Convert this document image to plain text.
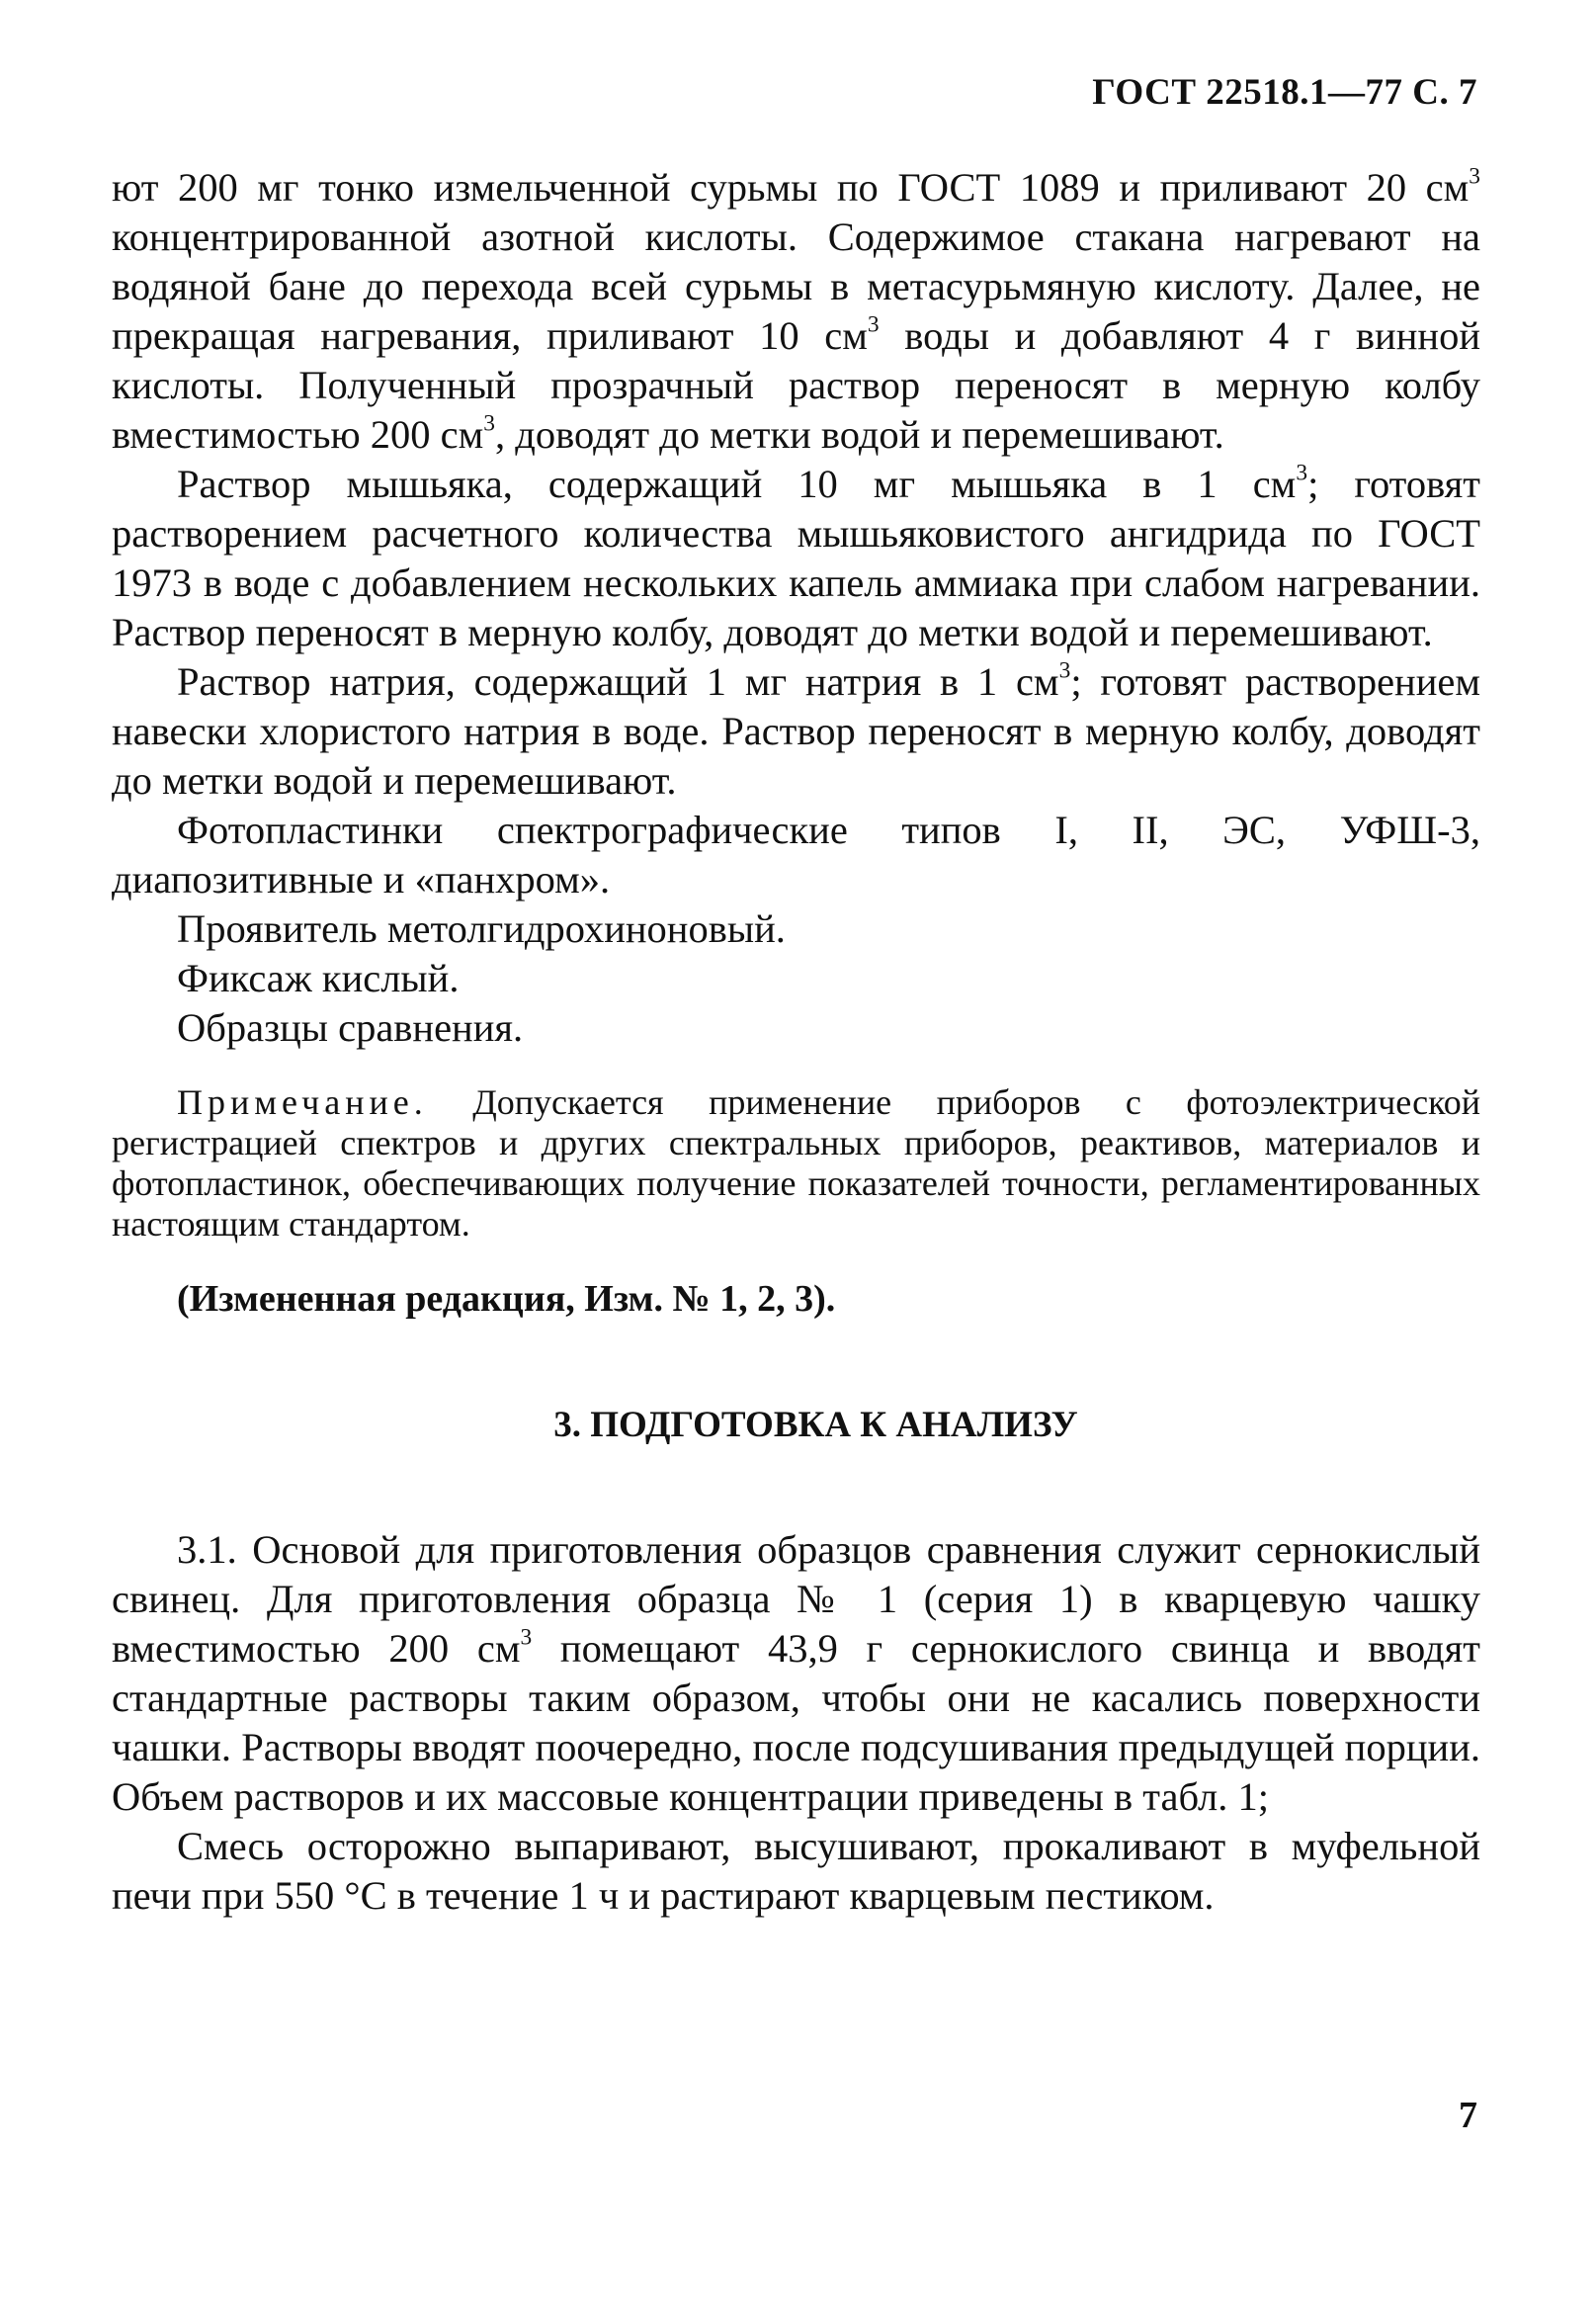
ГОСТ 22518.1—77 С. 7

ют 200 мг тонко измельченной сурьмы по ГОСТ 1089 и приливают 20 $см^3$ концентрированной азотной кислоты. Содержимое стакана нагревают на водяной бане до перехода всей сурьмы в метасурьмяную кислоту. Далее, не прекращая нагревания, приливают 10 $см^3$ воды и добавляют 4 г винной кислоты. Полученный прозрачный раствор переносят в мерную колбу вместимостью 200 $см^3$, доводят до метки водой и перемешивают.

Раствор мышьяка, содержащий 10 мг мышьяка в 1 $см^3$; готовят растворением расчетного количества мышьяковистого ангидрида по ГОСТ 1973 в воде с добавлением нескольких капель аммиака при слабом нагревании. Раствор переносят в мерную колбу, доводят до метки водой и перемешивают.

Раствор натрия, содержащий 1 мг натрия в 1 $см^3$; готовят растворением навески хлористого натрия в воде. Раствор переносят в мерную колбу, доводят до метки водой и перемешивают.

Фотопластинки спектрографические типов I, II, ЭС, УФШ-3, диапозитивные и «панхром».

Проявитель метолгидрохиноновый.

Фиксаж кислый.

Образцы сравнения.

Примечание. Допускается применение приборов с фотоэлектрической регистрацией спектров и других спектральных приборов, реактивов, материалов и фотопластинок, обеспечивающих получение показателей точности, регламентированных настоящим стандартом.

(Измененная редакция, Изм. № 1, 2, 3).

3. ПОДГОТОВКА К АНАЛИЗУ

3.1. Основой для приготовления образцов сравнения служит сернокислый свинец. Для приготовления образца № 1 (серия 1) в кварцевую чашку вместимостью 200 $см^3$ помещают 43,9 г сернокислого свинца и вводят стандартные растворы таким образом, чтобы они не касались поверхности чашки. Растворы вводят поочередно, после подсушивания предыдущей порции. Объем растворов и их массовые концентрации приведены в табл. 1;

Смесь осторожно выпаривают, высушивают, прокаливают в муфельной печи при 550 °С в течение 1 ч и растирают кварцевым пестиком.

7
